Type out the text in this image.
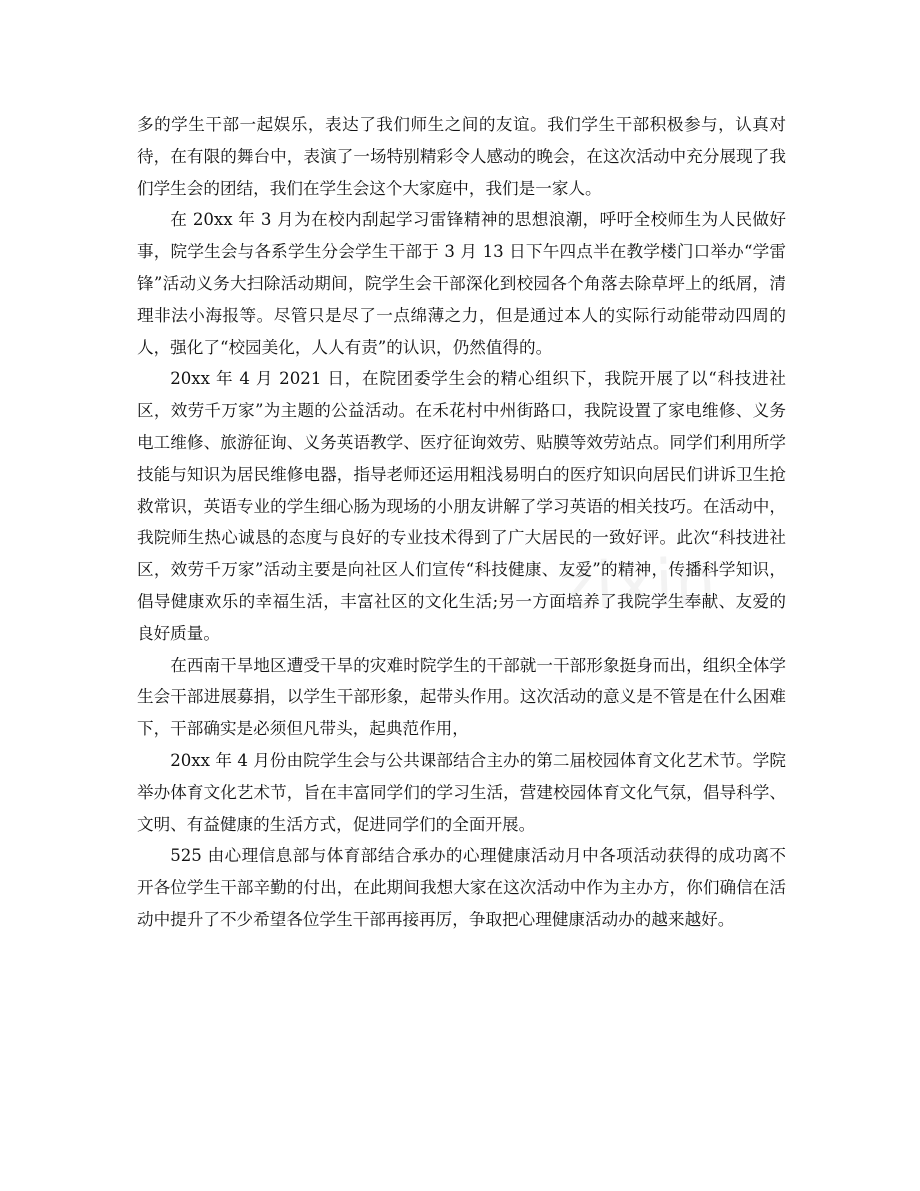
zixin

多的学生干部一起娱乐，表达了我们师生之间的友谊。我们学生干部积极参与，认真对待，在有限的舞台中，表演了一场特别精彩令人感动的晚会，在这次活动中充分展现了我们学生会的团结，我们在学生会这个大家庭中，我们是一家人。

在 20xx 年 3 月为在校内刮起学习雷锋精神的思想浪潮，呼吁全校师生为人民做好事，院学生会与各系学生分会学生干部于 3 月 13 日下午四点半在教学楼门口举办“学雷锋”活动义务大扫除活动期间，院学生会干部深化到校园各个角落去除草坪上的纸屑，清理非法小海报等。尽管只是尽了一点绵薄之力，但是通过本人的实际行动能带动四周的人，强化了“校园美化，人人有责”的认识，仍然值得的。

20xx 年 4 月 2021 日，在院团委学生会的精心组织下，我院开展了以“科技进社区，效劳千万家”为主题的公益活动。在禾花村中州街路口，我院设置了家电维修、义务电工维修、旅游征询、义务英语教学、医疗征询效劳、贴膜等效劳站点。同学们利用所学技能与知识为居民维修电器，指导老师还运用粗浅易明白的医疗知识向居民们讲诉卫生抢救常识，英语专业的学生细心肠为现场的小朋友讲解了学习英语的相关技巧。在活动中，我院师生热心诚恳的态度与良好的专业技术得到了广大居民的一致好评。此次“科技进社区，效劳千万家”活动主要是向社区人们宣传“科技健康、友爱”的精神，传播科学知识，倡导健康欢乐的幸福生活，丰富社区的文化生活;另一方面培养了我院学生奉献、友爱的良好质量。

在西南干旱地区遭受干旱的灾难时院学生的干部就一干部形象挺身而出，组织全体学生会干部进展募捐，以学生干部形象，起带头作用。这次活动的意义是不管是在什么困难下，干部确实是必须但凡带头，起典范作用，

20xx 年 4 月份由院学生会与公共课部结合主办的第二届校园体育文化艺术节。学院举办体育文化艺术节，旨在丰富同学们的学习生活，营建校园体育文化气氛，倡导科学、文明、有益健康的生活方式，促进同学们的全面开展。

525 由心理信息部与体育部结合承办的心理健康活动月中各项活动获得的成功离不开各位学生干部辛勤的付出，在此期间我想大家在这次活动中作为主办方，你们确信在活动中提升了不少希望各位学生干部再接再厉，争取把心理健康活动办的越来越好。
